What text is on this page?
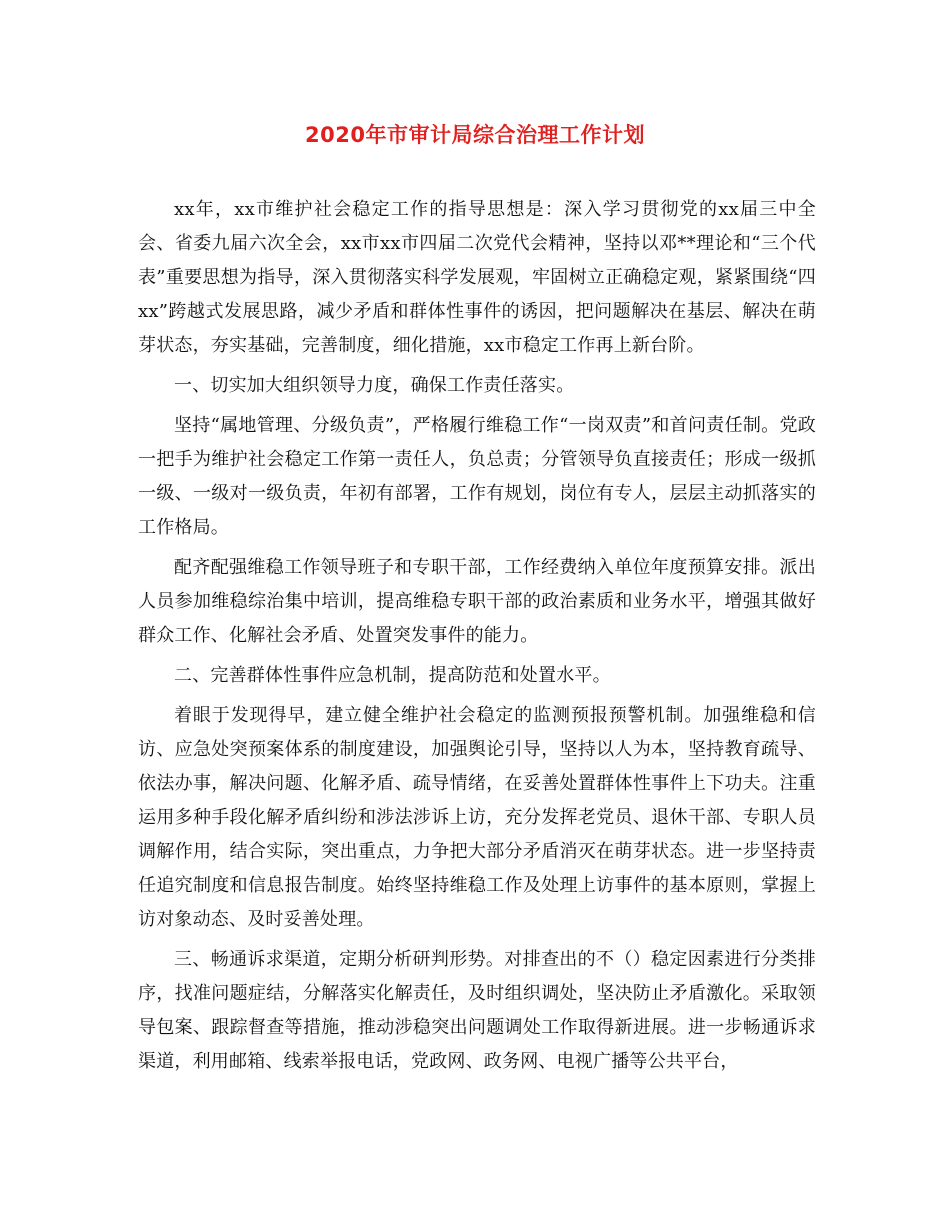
2020年市审计局综合治理工作计划

xx年，xx市维护社会稳定工作的指导思想是：深入学习贯彻党的xx届三中全会、省委九届六次全会，xx市xx市四届二次党代会精神，坚持以邓**理论和“三个代表”重要思想为指导，深入贯彻落实科学发展观，牢固树立正确稳定观，紧紧围绕“四xx”跨越式发展思路，减少矛盾和群体性事件的诱因，把问题解决在基层、解决在萌芽状态，夯实基础，完善制度，细化措施，xx市稳定工作再上新台阶。

一、切实加大组织领导力度，确保工作责任落实。

坚持“属地管理、分级负责”，严格履行维稳工作“一岗双责”和首问责任制。党政一把手为维护社会稳定工作第一责任人，负总责；分管领导负直接责任；形成一级抓一级、一级对一级负责，年初有部署，工作有规划，岗位有专人，层层主动抓落实的工作格局。

配齐配强维稳工作领导班子和专职干部，工作经费纳入单位年度预算安排。派出人员参加维稳综治集中培训，提高维稳专职干部的政治素质和业务水平，增强其做好群众工作、化解社会矛盾、处置突发事件的能力。

二、完善群体性事件应急机制，提高防范和处置水平。

着眼于发现得早，建立健全维护社会稳定的监测预报预警机制。加强维稳和信访、应急处突预案体系的制度建设，加强舆论引导，坚持以人为本，坚持教育疏导、依法办事，解决问题、化解矛盾、疏导情绪，在妥善处置群体性事件上下功夫。注重运用多种手段化解矛盾纠纷和涉法涉诉上访，充分发挥老党员、退休干部、专职人员调解作用，结合实际，突出重点，力争把大部分矛盾消灭在萌芽状态。进一步坚持责任追究制度和信息报告制度。始终坚持维稳工作及处理上访事件的基本原则，掌握上访对象动态、及时妥善处理。

三、畅通诉求渠道，定期分析研判形势。对排查出的不（）稳定因素进行分类排序，找准问题症结，分解落实化解责任，及时组织调处，坚决防止矛盾激化。采取领导包案、跟踪督查等措施，推动涉稳突出问题调处工作取得新进展。进一步畅通诉求渠道，利用邮箱、线索举报电话，党政网、政务网、电视广播等公共平台，
